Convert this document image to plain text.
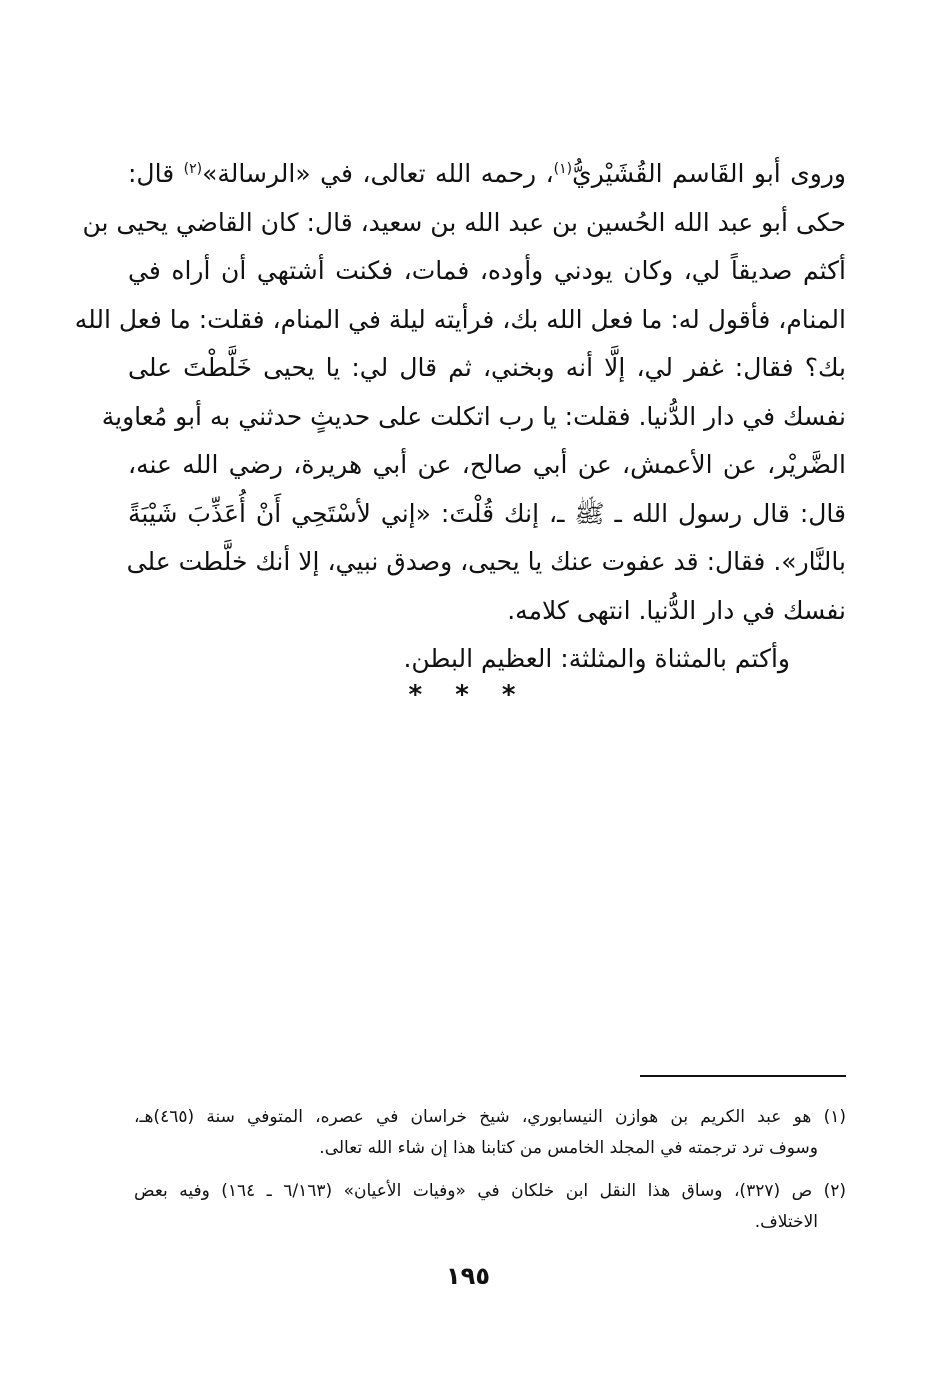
وروى أبو القَاسم القُشَيْريُّ$^{(١)}$، رحمه الله تعالى، في «الرسالة»$^{(٢)}$ قال:
حكى أبو عبد الله الحُسين بن عبد الله بن سعيد، قال: كان القاضي يحيى بن
أكثم صديقاً لي، وكان يودني وأوده، فمات، فكنت أشتهي أن أراه في
المنام، فأقول له: ما فعل الله بك، فرأيته ليلة في المنام، فقلت: ما فعل الله
بك؟ فقال: غفر لي، إلَّا أنه وبخني، ثم قال لي: يا يحيى خَلَّطْتَ على
نفسك في دار الدُّنيا. فقلت: يا رب اتكلت على حديثٍ حدثني به أبو مُعاوية
الضَّريْر، عن الأعمش، عن أبي صالح، عن أبي هريرة، رضي الله عنه،
قال: قال رسول الله ـ ﷺ ـ، إنك قُلْتَ: «إني لأسْتَحِي أَنْ أُعَذِّبَ شَيْبَةً
بالنَّار». فقال: قد عفوت عنك يا يحيى، وصدق نبيي، إلا أنك خلَّطت على
نفسك في دار الدُّنيا. انتهى كلامه.
وأكتم بالمثناة والمثلثة: العظيم البطن.
* * *
(١) هو عبد الكريم بن هوازن النيسابوري، شيخ خراسان في عصره، المتوفي سنة (٤٦٥)هـ،
وسوف ترد ترجمته في المجلد الخامس من كتابنا هذا إن شاء الله تعالى.
(٢) ص (٣٢٧)، وساق هذا النقل ابن خلكان في «وفيات الأعيان» (٦/١٦٣ ـ ١٦٤) وفيه بعض
الاختلاف.
١٩٥
